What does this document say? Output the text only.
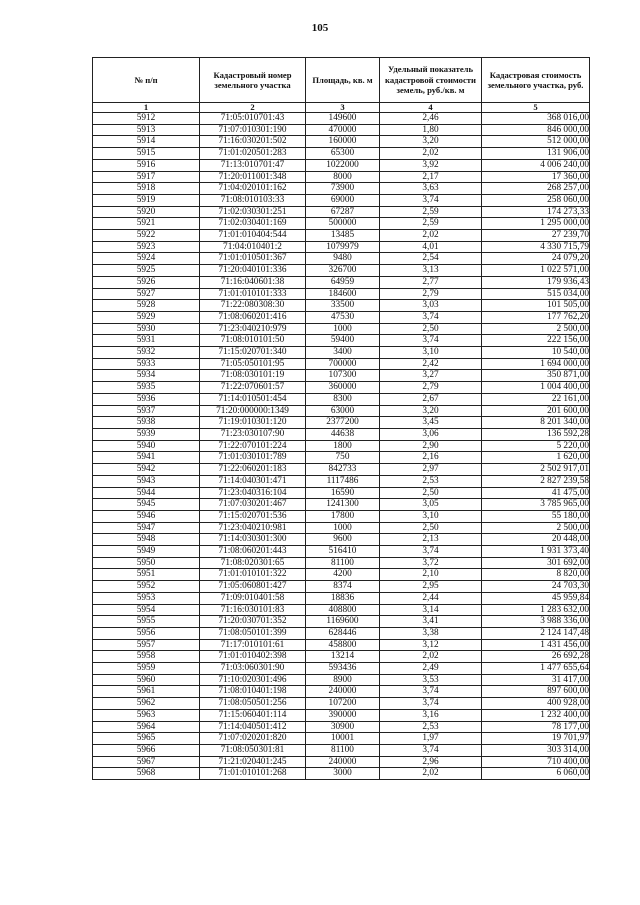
105
№ п/п	Кадастровый номер земельного участка	Площадь, кв. м	Удельный показатель кадастровой стоимости земель, руб./кв. м	Кадастровая стоимость земельного участка, руб.
1	2	3	4	5
5912	71:05:010701:43	149600	2,46	368 016,00
5913	71:07:010301:190	470000	1,80	846 000,00
5914	71:16:030201:502	160000	3,20	512 000,00
5915	71:01:020501:283	65300	2,02	131 906,00
5916	71:13:010701:47	1022000	3,92	4 006 240,00
5917	71:20:011001:348	8000	2,17	17 360,00
5918	71:04:020101:162	73900	3,63	268 257,00
5919	71:08:010103:33	69000	3,74	258 060,00
5920	71:02:030301:251	67287	2,59	174 273,33
5921	71:02:030401:169	500000	2,59	1 295 000,00
5922	71:01:010404:544	13485	2,02	27 239,70
5923	71:04:010401:2	1079979	4,01	4 330 715,79
5924	71:01:010501:367	9480	2,54	24 079,20
5925	71:20:040101:336	326700	3,13	1 022 571,00
5926	71:16:040601:38	64959	2,77	179 936,43
5927	71:01:010101:333	184600	2,79	515 034,00
5928	71:22:080308:30	33500	3,03	101 505,00
5929	71:08:060201:416	47530	3,74	177 762,20
5930	71:23:040210:979	1000	2,50	2 500,00
5931	71:08:010101:50	59400	3,74	222 156,00
5932	71:15:020701:340	3400	3,10	10 540,00
5933	71:05:050101:95	700000	2,42	1 694 000,00
5934	71:08:030101:19	107300	3,27	350 871,00
5935	71:22:070601:57	360000	2,79	1 004 400,00
5936	71:14:010501:454	8300	2,67	22 161,00
5937	71:20:000000:1349	63000	3,20	201 600,00
5938	71:19:010301:120	2377200	3,45	8 201 340,00
5939	71:23:030107:90	44638	3,06	136 592,28
5940	71:22:070101:224	1800	2,90	5 220,00
5941	71:01:030101:789	750	2,16	1 620,00
5942	71:22:060201:183	842733	2,97	2 502 917,01
5943	71:14:040301:471	1117486	2,53	2 827 239,58
5944	71:23:040316:104	16590	2,50	41 475,00
5945	71:07:030201:467	1241300	3,05	3 785 965,00
5946	71:15:020701:536	17800	3,10	55 180,00
5947	71:23:040210:981	1000	2,50	2 500,00
5948	71:14:030301:300	9600	2,13	20 448,00
5949	71:08:060201:443	516410	3,74	1 931 373,40
5950	71:08:020301:65	81100	3,72	301 692,00
5951	71:01:010101:322	4200	2,10	8 820,00
5952	71:05:060801:427	8374	2,95	24 703,30
5953	71:09:010401:58	18836	2,44	45 959,84
5954	71:16:030101:83	408800	3,14	1 283 632,00
5955	71:20:030701:352	1169600	3,41	3 988 336,00
5956	71:08:050101:399	628446	3,38	2 124 147,48
5957	71:17:010101:61	458800	3,12	1 431 456,00
5958	71:01:010402:398	13214	2,02	26 692,28
5959	71:03:060301:90	593436	2,49	1 477 655,64
5960	71:10:020301:496	8900	3,53	31 417,00
5961	71:08:010401:198	240000	3,74	897 600,00
5962	71:08:050501:256	107200	3,74	400 928,00
5963	71:15:060401:114	390000	3,16	1 232 400,00
5964	71:14:040501:412	30900	2,53	78 177,00
5965	71:07:020201:820	10001	1,97	19 701,97
5966	71:08:050301:81	81100	3,74	303 314,00
5967	71:21:020401:245	240000	2,96	710 400,00
5968	71:01:010101:268	3000	2,02	6 060,00
